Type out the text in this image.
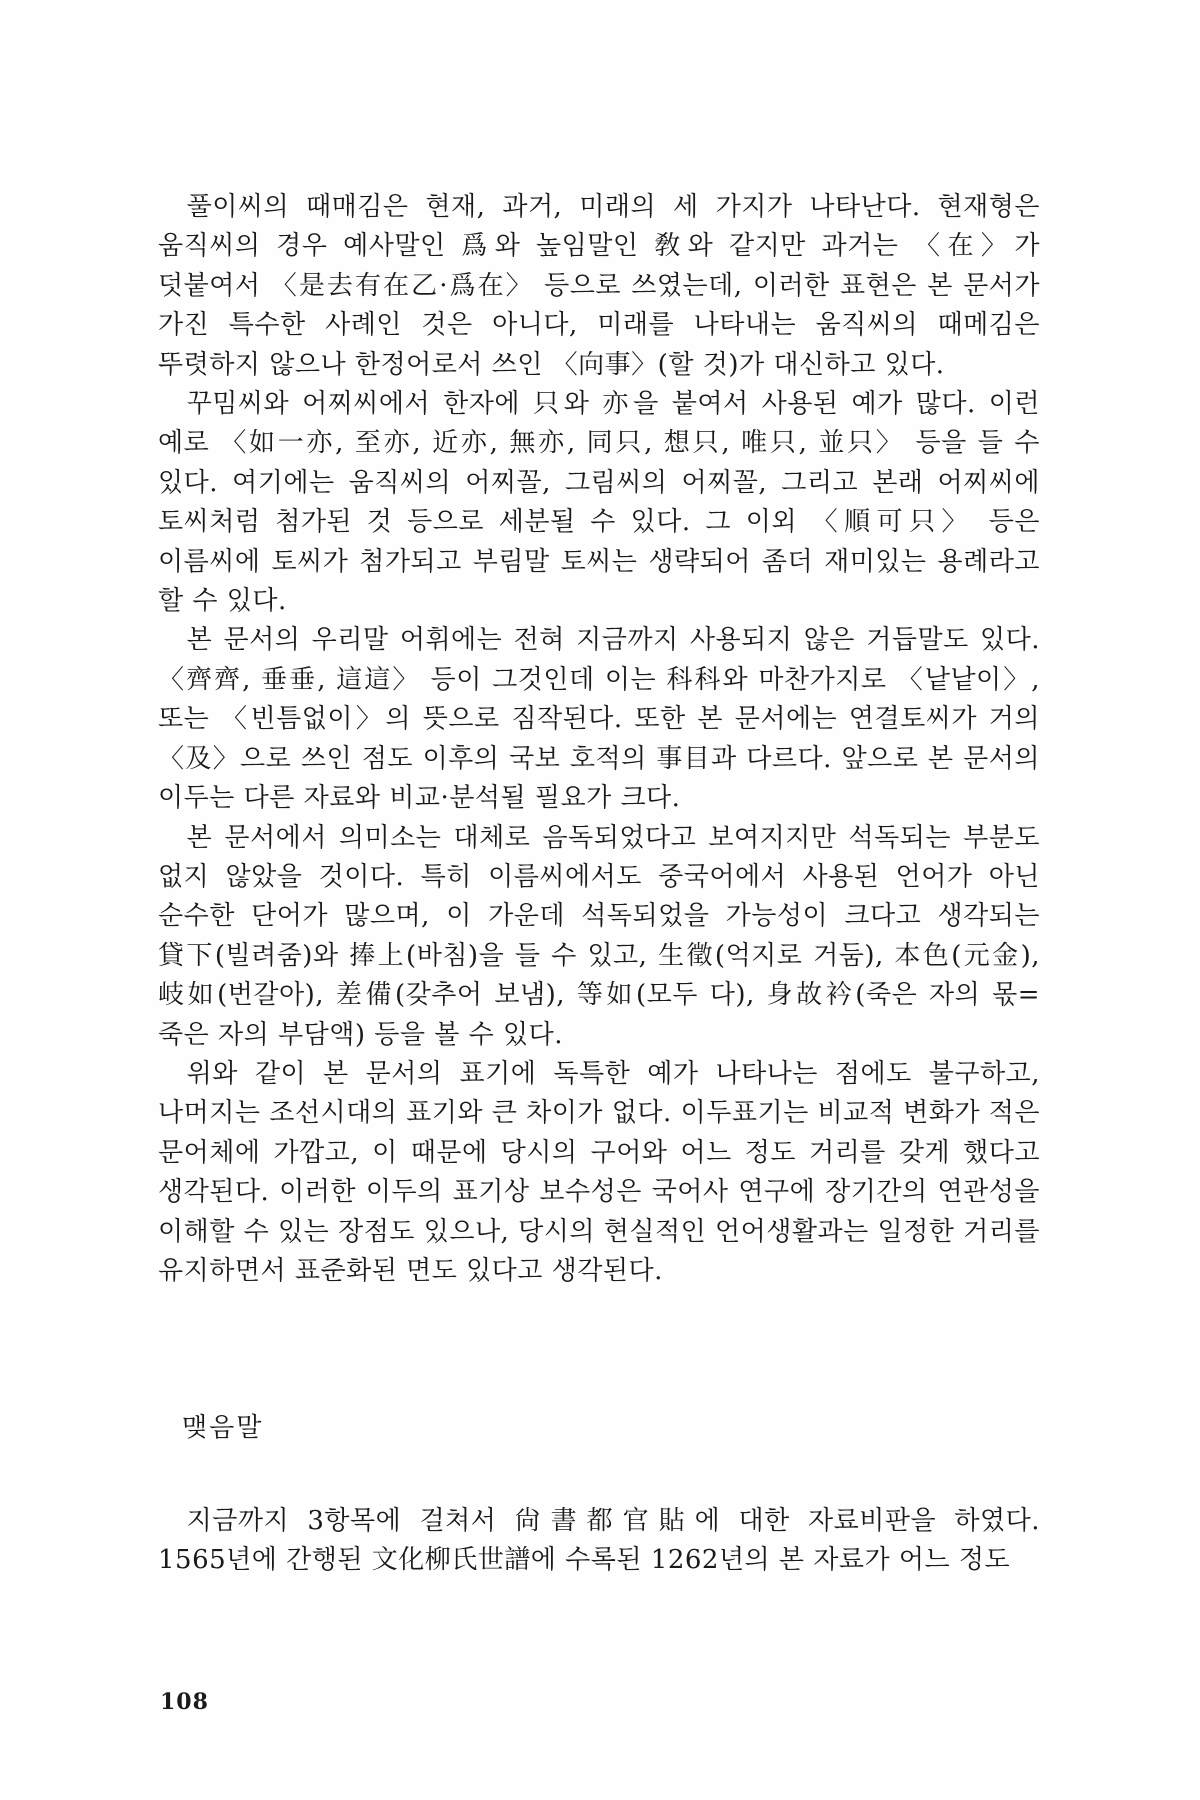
풀이씨의 때매김은 현재, 과거, 미래의 세 가지가 나타난다. 현재형은 움직씨의 경우 예사말인 爲와 높임말인 敎와 같지만 과거는 〈在〉가 덧붙여서 〈是去有在乙·爲在〉 등으로 쓰였는데, 이러한 표현은 본 문서가 가진 특수한 사례인 것은 아니다, 미래를 나타내는 움직씨의 때메김은 뚜렷하지 않으나 한정어로서 쓰인 〈向事〉(할 것)가 대신하고 있다.

꾸밈씨와 어찌씨에서 한자에 只와 亦을 붙여서 사용된 예가 많다. 이런 예로 〈如一亦, 至亦, 近亦, 無亦, 同只, 想只, 唯只, 並只〉 등을 들 수 있다. 여기에는 움직씨의 어찌꼴, 그림씨의 어찌꼴, 그리고 본래 어찌씨에 토씨처럼 첨가된 것 등으로 세분될 수 있다. 그 이외 〈順可只〉 등은 이름씨에 토씨가 첨가되고 부림말 토씨는 생략되어 좀더 재미있는 용례라고 할 수 있다.

본 문서의 우리말 어휘에는 전혀 지금까지 사용되지 않은 거듭말도 있다. 〈齊齊, 垂垂, 這這〉 등이 그것인데 이는 科科와 마찬가지로 〈낱낱이〉, 또는 〈빈틈없이〉의 뜻으로 짐작된다. 또한 본 문서에는 연결토씨가 거의 〈及〉으로 쓰인 점도 이후의 국보 호적의 事目과 다르다. 앞으로 본 문서의 이두는 다른 자료와 비교·분석될 필요가 크다.

본 문서에서 의미소는 대체로 음독되었다고 보여지지만 석독되는 부분도 없지 않았을 것이다. 특히 이름씨에서도 중국어에서 사용된 언어가 아닌 순수한 단어가 많으며, 이 가운데 석독되었을 가능성이 크다고 생각되는 貸下(빌려줌)와 捧上(바침)을 들 수 있고, 生徵(억지로 거둠), 本色(元金), 岐如(번갈아), 差備(갖추어 보냄), 等如(모두 다), 身故衿(죽은 자의 몫=죽은 자의 부담액) 등을 볼 수 있다.

위와 같이 본 문서의 표기에 독특한 예가 나타나는 점에도 불구하고, 나머지는 조선시대의 표기와 큰 차이가 없다. 이두표기는 비교적 변화가 적은 문어체에 가깝고, 이 때문에 당시의 구어와 어느 정도 거리를 갖게 했다고 생각된다. 이러한 이두의 표기상 보수성은 국어사 연구에 장기간의 연관성을 이해할 수 있는 장점도 있으나, 당시의 현실적인 언어생활과는 일정한 거리를 유지하면서 표준화된 면도 있다고 생각된다.

맺음말

지금까지 3항목에 걸쳐서 尙書都官貼에 대한 자료비판을 하였다. 1565년에 간행된 文化柳氏世譜에 수록된 1262년의 본 자료가 어느 정도

108
